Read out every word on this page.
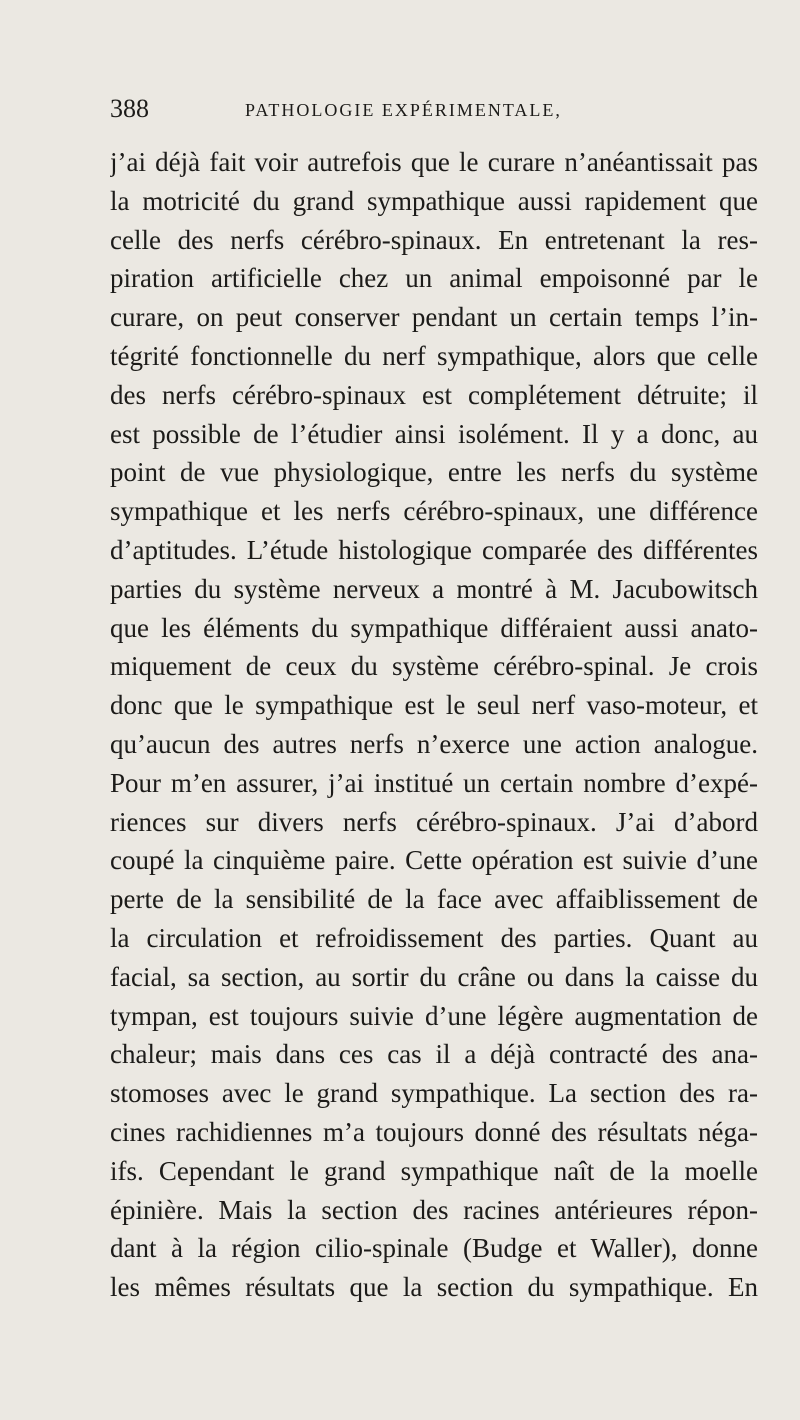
388	PATHOLOGIE EXPÉRIMENTALE,
j’ai déjà fait voir autrefois que le curare n’anéantissait pas
la motricité du grand sympathique aussi rapidement que
celle des nerfs cérébro-spinaux. En entretenant la res-
piration artificielle chez un animal empoisonné par le
curare, on peut conserver pendant un certain temps l’in-
tégrité fonctionnelle du nerf sympathique, alors que celle
des nerfs cérébro-spinaux est complétement détruite; il
est possible de l’étudier ainsi isolément. Il y a donc, au
point de vue physiologique, entre les nerfs du système
sympathique et les nerfs cérébro-spinaux, une différence
d’aptitudes. L’étude histologique comparée des différentes
parties du système nerveux a montré à M. Jacubowitsch
que les éléments du sympathique différaient aussi anato-
miquement de ceux du système cérébro-spinal. Je crois
donc que le sympathique est le seul nerf vaso-moteur, et
qu’aucun des autres nerfs n’exerce une action analogue.
Pour m’en assurer, j’ai institué un certain nombre d’expé-
riences sur divers nerfs cérébro-spinaux. J’ai d’abord
coupé la cinquième paire. Cette opération est suivie d’une
perte de la sensibilité de la face avec affaiblissement de
la circulation et refroidissement des parties. Quant au
facial, sa section, au sortir du crâne ou dans la caisse du
tympan, est toujours suivie d’une légère augmentation de
chaleur; mais dans ces cas il a déjà contracté des ana-
stomoses avec le grand sympathique. La section des ra-
cines rachidiennes m’a toujours donné des résultats néga-
ifs. Cependant le grand sympathique naît de la moelle
épinière. Mais la section des racines antérieures répon-
dant à la région cilio-spinale (Budge et Waller), donne
les mêmes résultats que la section du sympathique. En
